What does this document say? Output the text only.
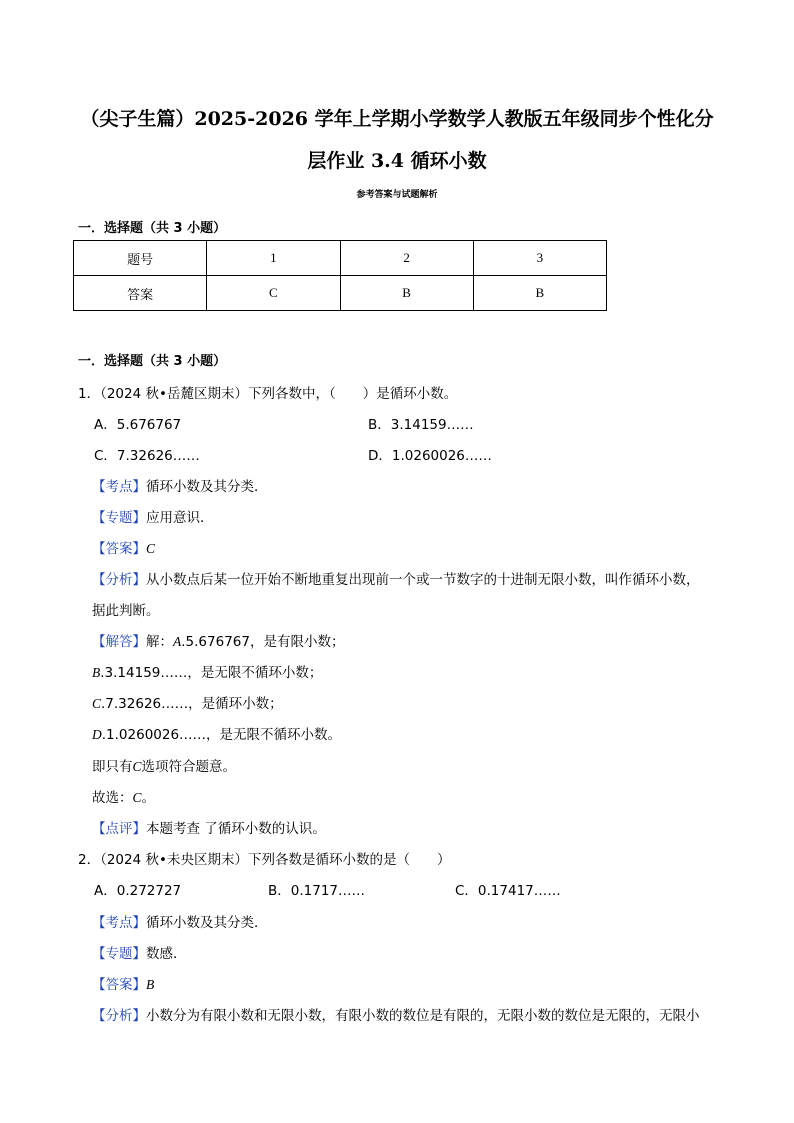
（尖子生篇）2025-2026 学年上学期小学数学人教版五年级同步个性化分
层作业 3.4 循环小数
参考答案与试题解析
一．选择题（共 3 小题）
题号	1	2	3
答案	C	B	B
一．选择题（共 3 小题）
1．（2024 秋•岳麓区期末）下列各数中，（　　）是循环小数。
A．5.676767	B．3.14159……
C．7.32626……	D．1.0260026……
【考点】循环小数及其分类．
【专题】应用意识．
【答案】C
【分析】从小数点后某一位开始不断地重复出现前一个或一节数字的十进制无限小数，叫作循环小数，
据此判断。
【解答】解：A.5.676767，是有限小数；
B.3.14159……，是无限不循环小数；
C.7.32626……，是循环小数；
D.1.0260026……，是无限不循环小数。
即只有C选项符合题意。
故选：C。
【点评】本题考查 了循环小数的认识。
2．（2024 秋•未央区期末）下列各数是循环小数的是（　　）
A．0.272727	B．0.1717……	C．0.17417……
【考点】循环小数及其分类．
【专题】数感．
【答案】B
【分析】小数分为有限小数和无限小数，有限小数的数位是有限的，无限小数的数位是无限的，无限小
